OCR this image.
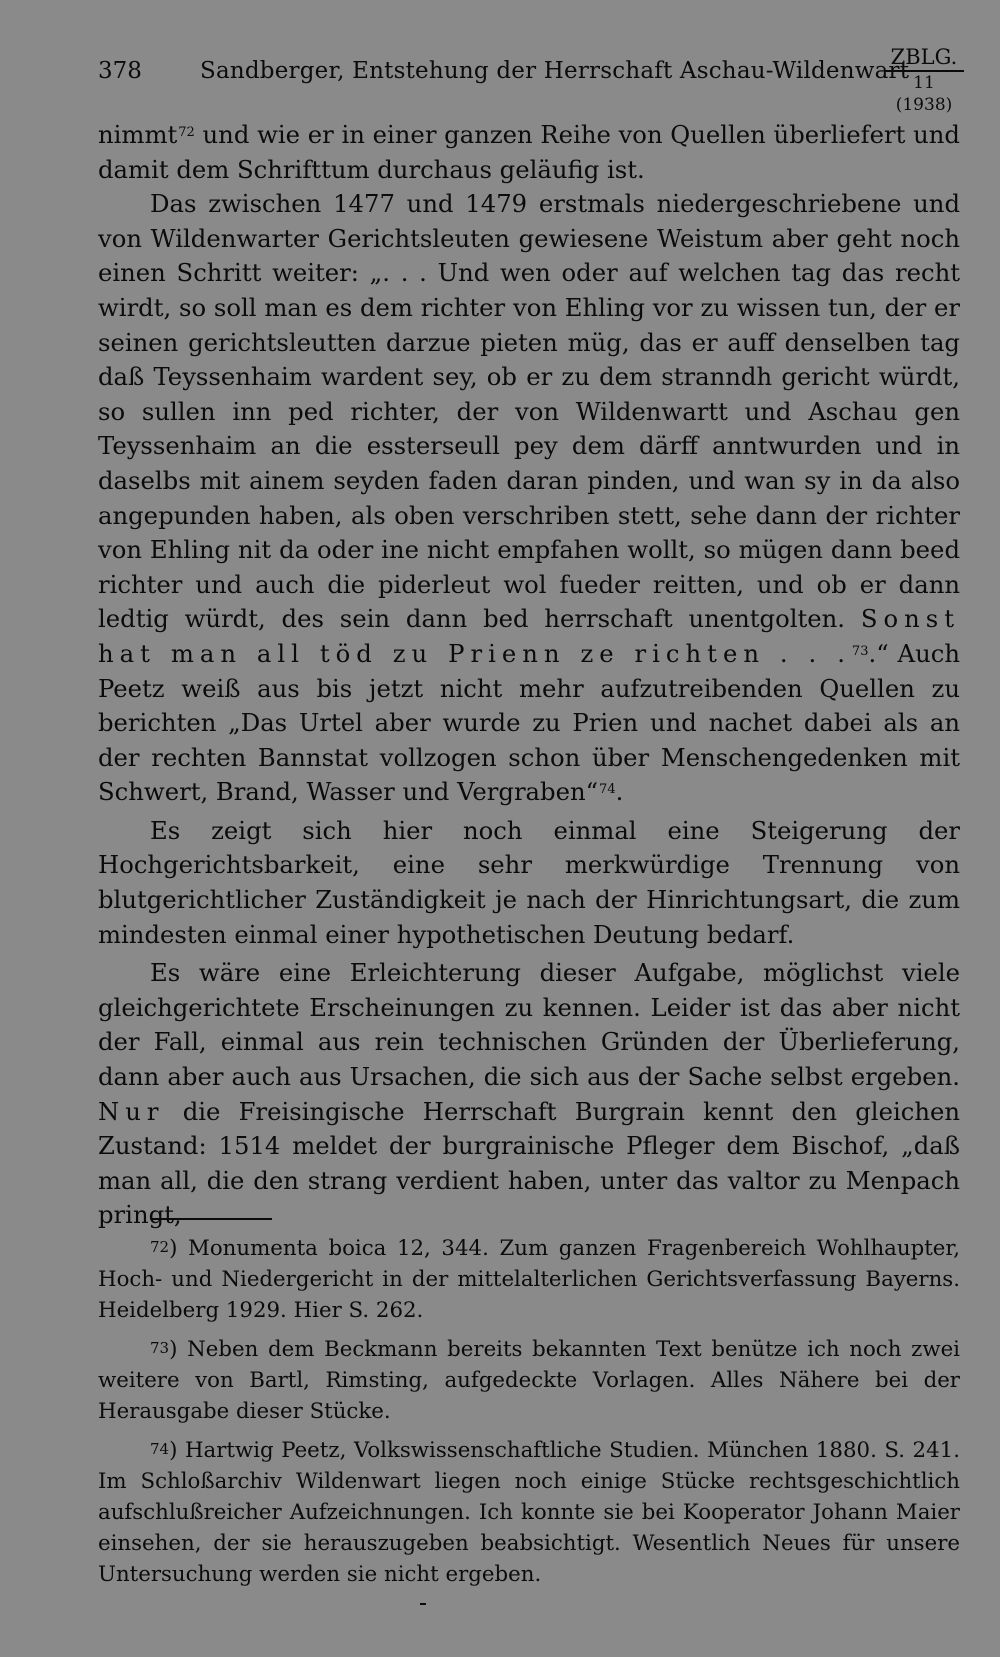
378	Sandberger, Entstehung der Herrschaft Aschau-Wildenwart
ZBLG.
11 (1938)

nimmt$^{72}$ und wie er in einer ganzen Reihe von Quellen überliefert und damit dem Schrifttum durchaus geläufig ist.

Das zwischen 1477 und 1479 erstmals niedergeschriebene und von Wildenwarter Gerichtsleuten gewiesene Weistum aber geht noch einen Schritt weiter: „. . . Und wen oder auf welchen tag das recht wirdt, so soll man es dem richter von Ehling vor zu wissen tun, der er seinen gerichtsleutten darzue pieten müg, das er auff denselben tag daß Teyssenhaim wardent sey, ob er zu dem stranndh gericht würdt, so sullen inn ped richter, der von Wildenwartt und Aschau gen Teyssenhaim an die essterseull pey dem därff anntwurden und in daselbs mit ainem seyden faden daran pinden, und wan sy in da also angepunden haben, als oben verschriben stett, sehe dann der richter von Ehling nit da oder ine nicht empfahen wollt, so mügen dann beed richter und auch die piderleut wol fueder reitten, und ob er dann ledtig würdt, des sein dann bed herrschaft unentgolten. Sonst hat man all töd zu Prienn ze richten . . .$^{73}$.“ Auch Peetz weiß aus bis jetzt nicht mehr aufzutreibenden Quellen zu berichten „Das Urtel aber wurde zu Prien und nachet dabei als an der rechten Bannstat vollzogen schon über Menschengedenken mit Schwert, Brand, Wasser und Vergraben“$^{74}$.

Es zeigt sich hier noch einmal eine Steigerung der Hochgerichtsbarkeit, eine sehr merkwürdige Trennung von blutgerichtlicher Zuständigkeit je nach der Hinrichtungsart, die zum mindesten einmal einer hypothetischen Deutung bedarf.

Es wäre eine Erleichterung dieser Aufgabe, möglichst viele gleichgerichtete Erscheinungen zu kennen. Leider ist das aber nicht der Fall, einmal aus rein technischen Gründen der Überlieferung, dann aber auch aus Ursachen, die sich aus der Sache selbst ergeben. Nur die Freisingische Herrschaft Burgrain kennt den gleichen Zustand: 1514 meldet der burgrainische Pfleger dem Bischof, „daß man all, die den strang verdient haben, unter das valtor zu Menpach pringt,

$^{72}$) Monumenta boica 12, 344. Zum ganzen Fragenbereich Wohlhaupter, Hoch- und Niedergericht in der mittelalterlichen Gerichtsverfassung Bayerns. Heidelberg 1929. Hier S. 262.

$^{73}$) Neben dem Beckmann bereits bekannten Text benütze ich noch zwei weitere von Bartl, Rimsting, aufgedeckte Vorlagen. Alles Nähere bei der Herausgabe dieser Stücke.

$^{74}$) Hartwig Peetz, Volkswissenschaftliche Studien. München 1880. S. 241. Im Schloßarchiv Wildenwart liegen noch einige Stücke rechtsgeschichtlich aufschlußreicher Aufzeichnungen. Ich konnte sie bei Kooperator Johann Maier einsehen, der sie herauszugeben beabsichtigt. Wesentlich Neues für unsere Untersuchung werden sie nicht ergeben.
